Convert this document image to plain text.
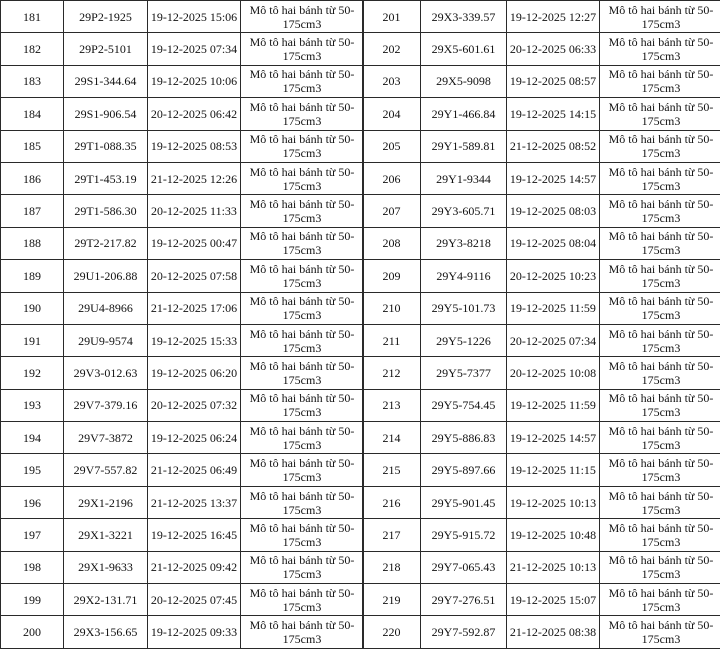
181	29P2-1925	19-12-2025 15:06	Mô tô hai bánh từ 50-175cm3
182	29P2-5101	19-12-2025 07:34	Mô tô hai bánh từ 50-175cm3
183	29S1-344.64	19-12-2025 10:06	Mô tô hai bánh từ 50-175cm3
184	29S1-906.54	20-12-2025 06:42	Mô tô hai bánh từ 50-175cm3
185	29T1-088.35	19-12-2025 08:53	Mô tô hai bánh từ 50-175cm3
186	29T1-453.19	21-12-2025 12:26	Mô tô hai bánh từ 50-175cm3
187	29T1-586.30	20-12-2025 11:33	Mô tô hai bánh từ 50-175cm3
188	29T2-217.82	19-12-2025 00:47	Mô tô hai bánh từ 50-175cm3
189	29U1-206.88	20-12-2025 07:58	Mô tô hai bánh từ 50-175cm3
190	29U4-8966	21-12-2025 17:06	Mô tô hai bánh từ 50-175cm3
191	29U9-9574	19-12-2025 15:33	Mô tô hai bánh từ 50-175cm3
192	29V3-012.63	19-12-2025 06:20	Mô tô hai bánh từ 50-175cm3
193	29V7-379.16	20-12-2025 07:32	Mô tô hai bánh từ 50-175cm3
194	29V7-3872	19-12-2025 06:24	Mô tô hai bánh từ 50-175cm3
195	29V7-557.82	21-12-2025 06:49	Mô tô hai bánh từ 50-175cm3
196	29X1-2196	21-12-2025 13:37	Mô tô hai bánh từ 50-175cm3
197	29X1-3221	19-12-2025 16:45	Mô tô hai bánh từ 50-175cm3
198	29X1-9633	21-12-2025 09:42	Mô tô hai bánh từ 50-175cm3
199	29X2-131.71	20-12-2025 07:45	Mô tô hai bánh từ 50-175cm3
200	29X3-156.65	19-12-2025 09:33	Mô tô hai bánh từ 50-175cm3
201	29X3-339.57	19-12-2025 12:27	Mô tô hai bánh từ 50-175cm3
202	29X5-601.61	20-12-2025 06:33	Mô tô hai bánh từ 50-175cm3
203	29X5-9098	19-12-2025 08:57	Mô tô hai bánh từ 50-175cm3
204	29Y1-466.84	19-12-2025 14:15	Mô tô hai bánh từ 50-175cm3
205	29Y1-589.81	21-12-2025 08:52	Mô tô hai bánh từ 50-175cm3
206	29Y1-9344	19-12-2025 14:57	Mô tô hai bánh từ 50-175cm3
207	29Y3-605.71	19-12-2025 08:03	Mô tô hai bánh từ 50-175cm3
208	29Y3-8218	19-12-2025 08:04	Mô tô hai bánh từ 50-175cm3
209	29Y4-9116	20-12-2025 10:23	Mô tô hai bánh từ 50-175cm3
210	29Y5-101.73	19-12-2025 11:59	Mô tô hai bánh từ 50-175cm3
211	29Y5-1226	20-12-2025 07:34	Mô tô hai bánh từ 50-175cm3
212	29Y5-7377	20-12-2025 10:08	Mô tô hai bánh từ 50-175cm3
213	29Y5-754.45	19-12-2025 11:59	Mô tô hai bánh từ 50-175cm3
214	29Y5-886.83	19-12-2025 14:57	Mô tô hai bánh từ 50-175cm3
215	29Y5-897.66	19-12-2025 11:15	Mô tô hai bánh từ 50-175cm3
216	29Y5-901.45	19-12-2025 10:13	Mô tô hai bánh từ 50-175cm3
217	29Y5-915.72	19-12-2025 10:48	Mô tô hai bánh từ 50-175cm3
218	29Y7-065.43	21-12-2025 10:13	Mô tô hai bánh từ 50-175cm3
219	29Y7-276.51	19-12-2025 15:07	Mô tô hai bánh từ 50-175cm3
220	29Y7-592.87	21-12-2025 08:38	Mô tô hai bánh từ 50-175cm3
